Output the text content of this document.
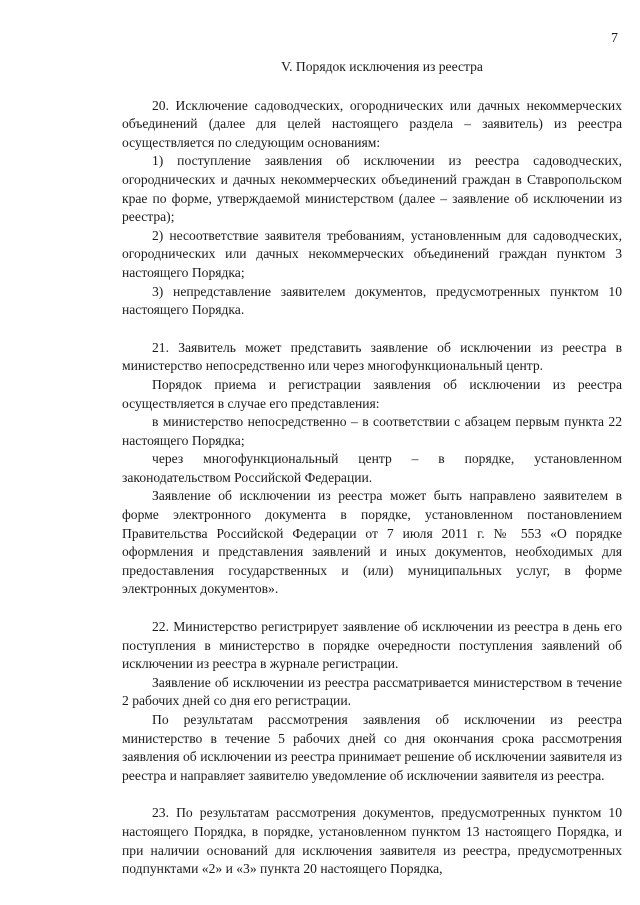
7
V. Порядок исключения из реестра

20. Исключение садоводческих, огороднических или дачных некоммерческих объединений (далее для целей настоящего раздела – заявитель) из реестра осуществляется по следующим основаниям:

1) поступление заявления об исключении из реестра садоводческих, огороднических и дачных некоммерческих объединений граждан в Ставропольском крае по форме, утверждаемой министерством (далее – заявление об исключении из реестра);

2) несоответствие заявителя требованиям, установленным для садоводческих, огороднических или дачных некоммерческих объединений граждан пунктом 3 настоящего Порядка;

3) непредставление заявителем документов, предусмотренных пунктом 10 настоящего Порядка.

21. Заявитель может представить заявление об исключении из реестра в министерство непосредственно или через многофункциональный центр.

Порядок приема и регистрации заявления об исключении из реестра осуществляется в случае его представления:

в министерство непосредственно – в соответствии с абзацем первым пункта 22 настоящего Порядка;

через многофункциональный центр – в порядке, установленном законодательством Российской Федерации.

Заявление об исключении из реестра может быть направлено заявителем в форме электронного документа в порядке, установленном постановлением Правительства Российской Федерации от 7 июля 2011 г. № 553 «О порядке оформления и представления заявлений и иных документов, необходимых для предоставления государственных и (или) муниципальных услуг, в форме электронных документов».

22. Министерство регистрирует заявление об исключении из реестра в день его поступления в министерство в порядке очередности поступления заявлений об исключении из реестра в журнале регистрации.

Заявление об исключении из реестра рассматривается министерством в течение 2 рабочих дней со дня его регистрации.

По результатам рассмотрения заявления об исключении из реестра министерство в течение 5 рабочих дней со дня окончания срока рассмотрения заявления об исключении из реестра принимает решение об исключении заявителя из реестра и направляет заявителю уведомление об исключении заявителя из реестра.

23. По результатам рассмотрения документов, предусмотренных пунктом 10 настоящего Порядка, в порядке, установленном пунктом 13 настоящего Порядка, и при наличии оснований для исключения заявителя из реестра, предусмотренных подпунктами «2» и «3» пункта 20 настоящего Порядка,
